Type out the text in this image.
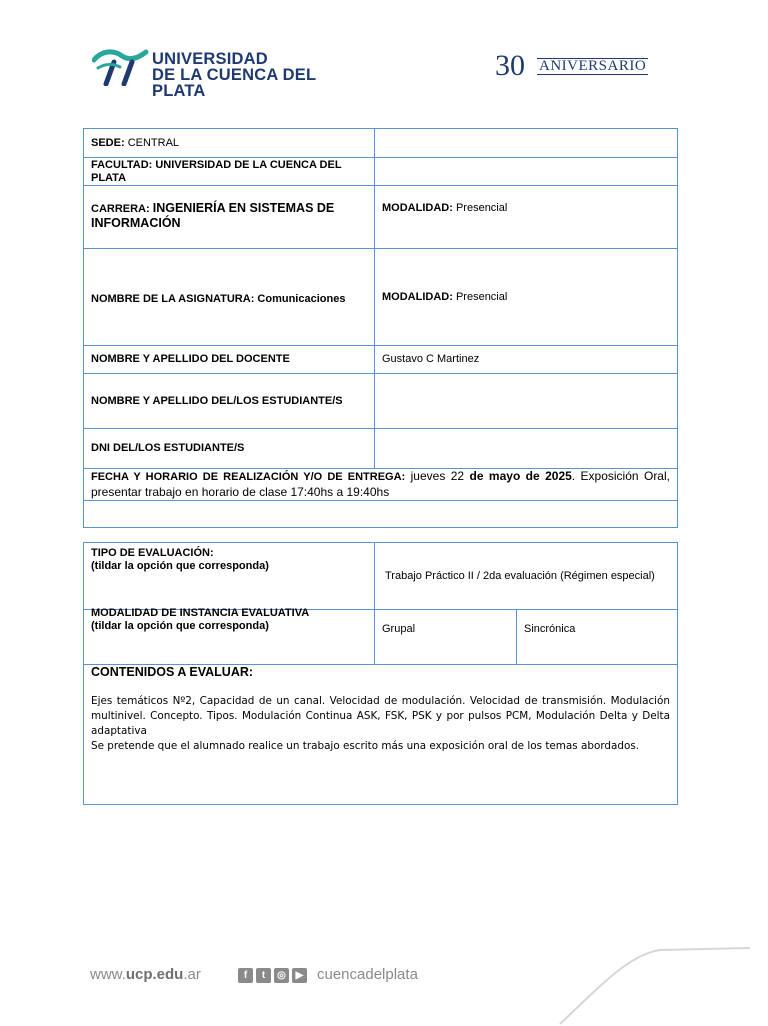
UNIVERSIDAD
DE LA CUENCA DEL PLATA
30 ANIVERSARIO
SEDE: CENTRAL	
FACULTAD: UNIVERSIDAD DE LA CUENCA DEL PLATA	
CARRERA: INGENIERÍA EN SISTEMAS DE INFORMACIÓN	MODALIDAD: Presencial
NOMBRE DE LA ASIGNATURA: Comunicaciones	MODALIDAD: Presencial
NOMBRE Y APELLIDO DEL DOCENTE	Gustavo C Martinez
NOMBRE Y APELLIDO DEL/LOS ESTUDIANTE/S	
DNI DEL/LOS ESTUDIANTE/S	
FECHA Y HORARIO DE REALIZACIÓN Y/O DE ENTREGA: jueves 22 de mayo de 2025. Exposición Oral, presentar trabajo en horario de clase 17:40hs a 19:40hs	

TIPO DE EVALUACIÓN:
(tildar la opción que corresponda)	Trabajo Práctico II / 2da evaluación (Régimen especial)	

MODALIDAD DE INSTANCIA EVALUATIVA
(tildar la opción que corresponda)	Grupal	Sincrónica

CONTENIDOS A EVALUAR:
Ejes temáticos Nº2, Capacidad de un canal. Velocidad de modulación. Velocidad de transmisión. Modulación multinivel. Concepto. Tipos. Modulación Continua ASK, FSK, PSK y por pulsos PCM, Modulación Delta y Delta adaptativa
Se pretende que el alumnado realice un trabajo escrito más una exposición oral de los temas abordados.		
www.ucp.edu.ar	f	t	◎ ▶ cuencadelplata
